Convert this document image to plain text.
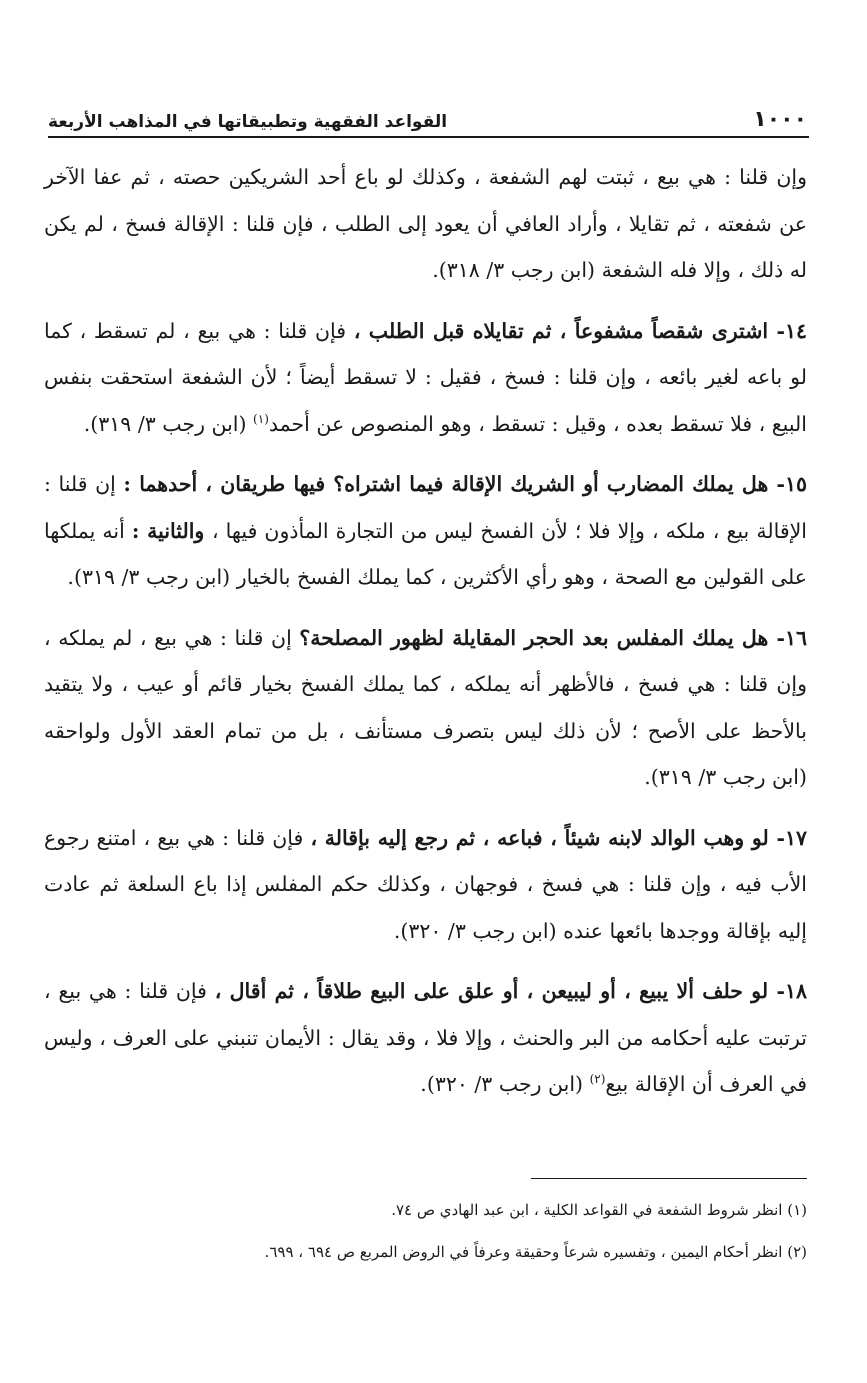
١٠٠٠
القواعد الفقهية وتطبيقاتها في المذاهب الأربعة

وإن قلنا : هي بيع ، ثبتت لهم الشفعة ، وكذلك لو باع أحد الشريكين حصته ، ثم عفا الآخر عن شفعته ، ثم تقايلا ، وأراد العافي أن يعود إلى الطلب ، فإن قلنا : الإقالة فسخ ، لم يكن له ذلك ، وإلا فله الشفعة (ابن رجب ٣/ ٣١٨).

١٤- اشترى شقصاً مشفوعاً ، ثم تقايلاه قبل الطلب ، فإن قلنا : هي بيع ، لم تسقط ، كما لو باعه لغير بائعه ، وإن قلنا : فسخ ، فقيل : لا تسقط أيضاً ؛ لأن الشفعة استحقت بنفس البيع ، فلا تسقط بعده ، وقيل : تسقط ، وهو المنصوص عن أحمد$^{(١)}$ (ابن رجب ٣/ ٣١٩).

١٥- هل يملك المضارب أو الشريك الإقالة فيما اشتراه؟ فيها طريقان ، أحدهما : إن قلنا : الإقالة بيع ، ملكه ، وإلا فلا ؛ لأن الفسخ ليس من التجارة المأذون فيها ، والثانية : أنه يملكها على القولين مع الصحة ، وهو رأي الأكثرين ، كما يملك الفسخ بالخيار (ابن رجب ٣/ ٣١٩).

١٦- هل يملك المفلس بعد الحجر المقايلة لظهور المصلحة؟ إن قلنا : هي بيع ، لم يملكه ، وإن قلنا : هي فسخ ، فالأظهر أنه يملكه ، كما يملك الفسخ بخيار قائم أو عيب ، ولا يتقيد بالأحظ على الأصح ؛ لأن ذلك ليس بتصرف مستأنف ، بل من تمام العقد الأول ولواحقه (ابن رجب ٣/ ٣١٩).

١٧- لو وهب الوالد لابنه شيئاً ، فباعه ، ثم رجع إليه بإقالة ، فإن قلنا : هي بيع ، امتنع رجوع الأب فيه ، وإن قلنا : هي فسخ ، فوجهان ، وكذلك حكم المفلس إذا باع السلعة ثم عادت إليه بإقالة ووجدها بائعها عنده (ابن رجب ٣/ ٣٢٠).

١٨- لو حلف ألا يبيع ، أو ليبيعن ، أو علق على البيع طلاقاً ، ثم أقال ، فإن قلنا : هي بيع ، ترتبت عليه أحكامه من البر والحنث ، وإلا فلا ، وقد يقال : الأيمان تنبني على العرف ، وليس في العرف أن الإقالة بيع$^{(٢)}$ (ابن رجب ٣/ ٣٢٠).

(١) انظر شروط الشفعة في القواعد الكلية ، ابن عبد الهادي ص ٧٤.
(٢) انظر أحكام اليمين ، وتفسيره شرعاً وحقيقة وعرفاً في الروض المربع ص ٦٩٤ ، ٦٩٩.
